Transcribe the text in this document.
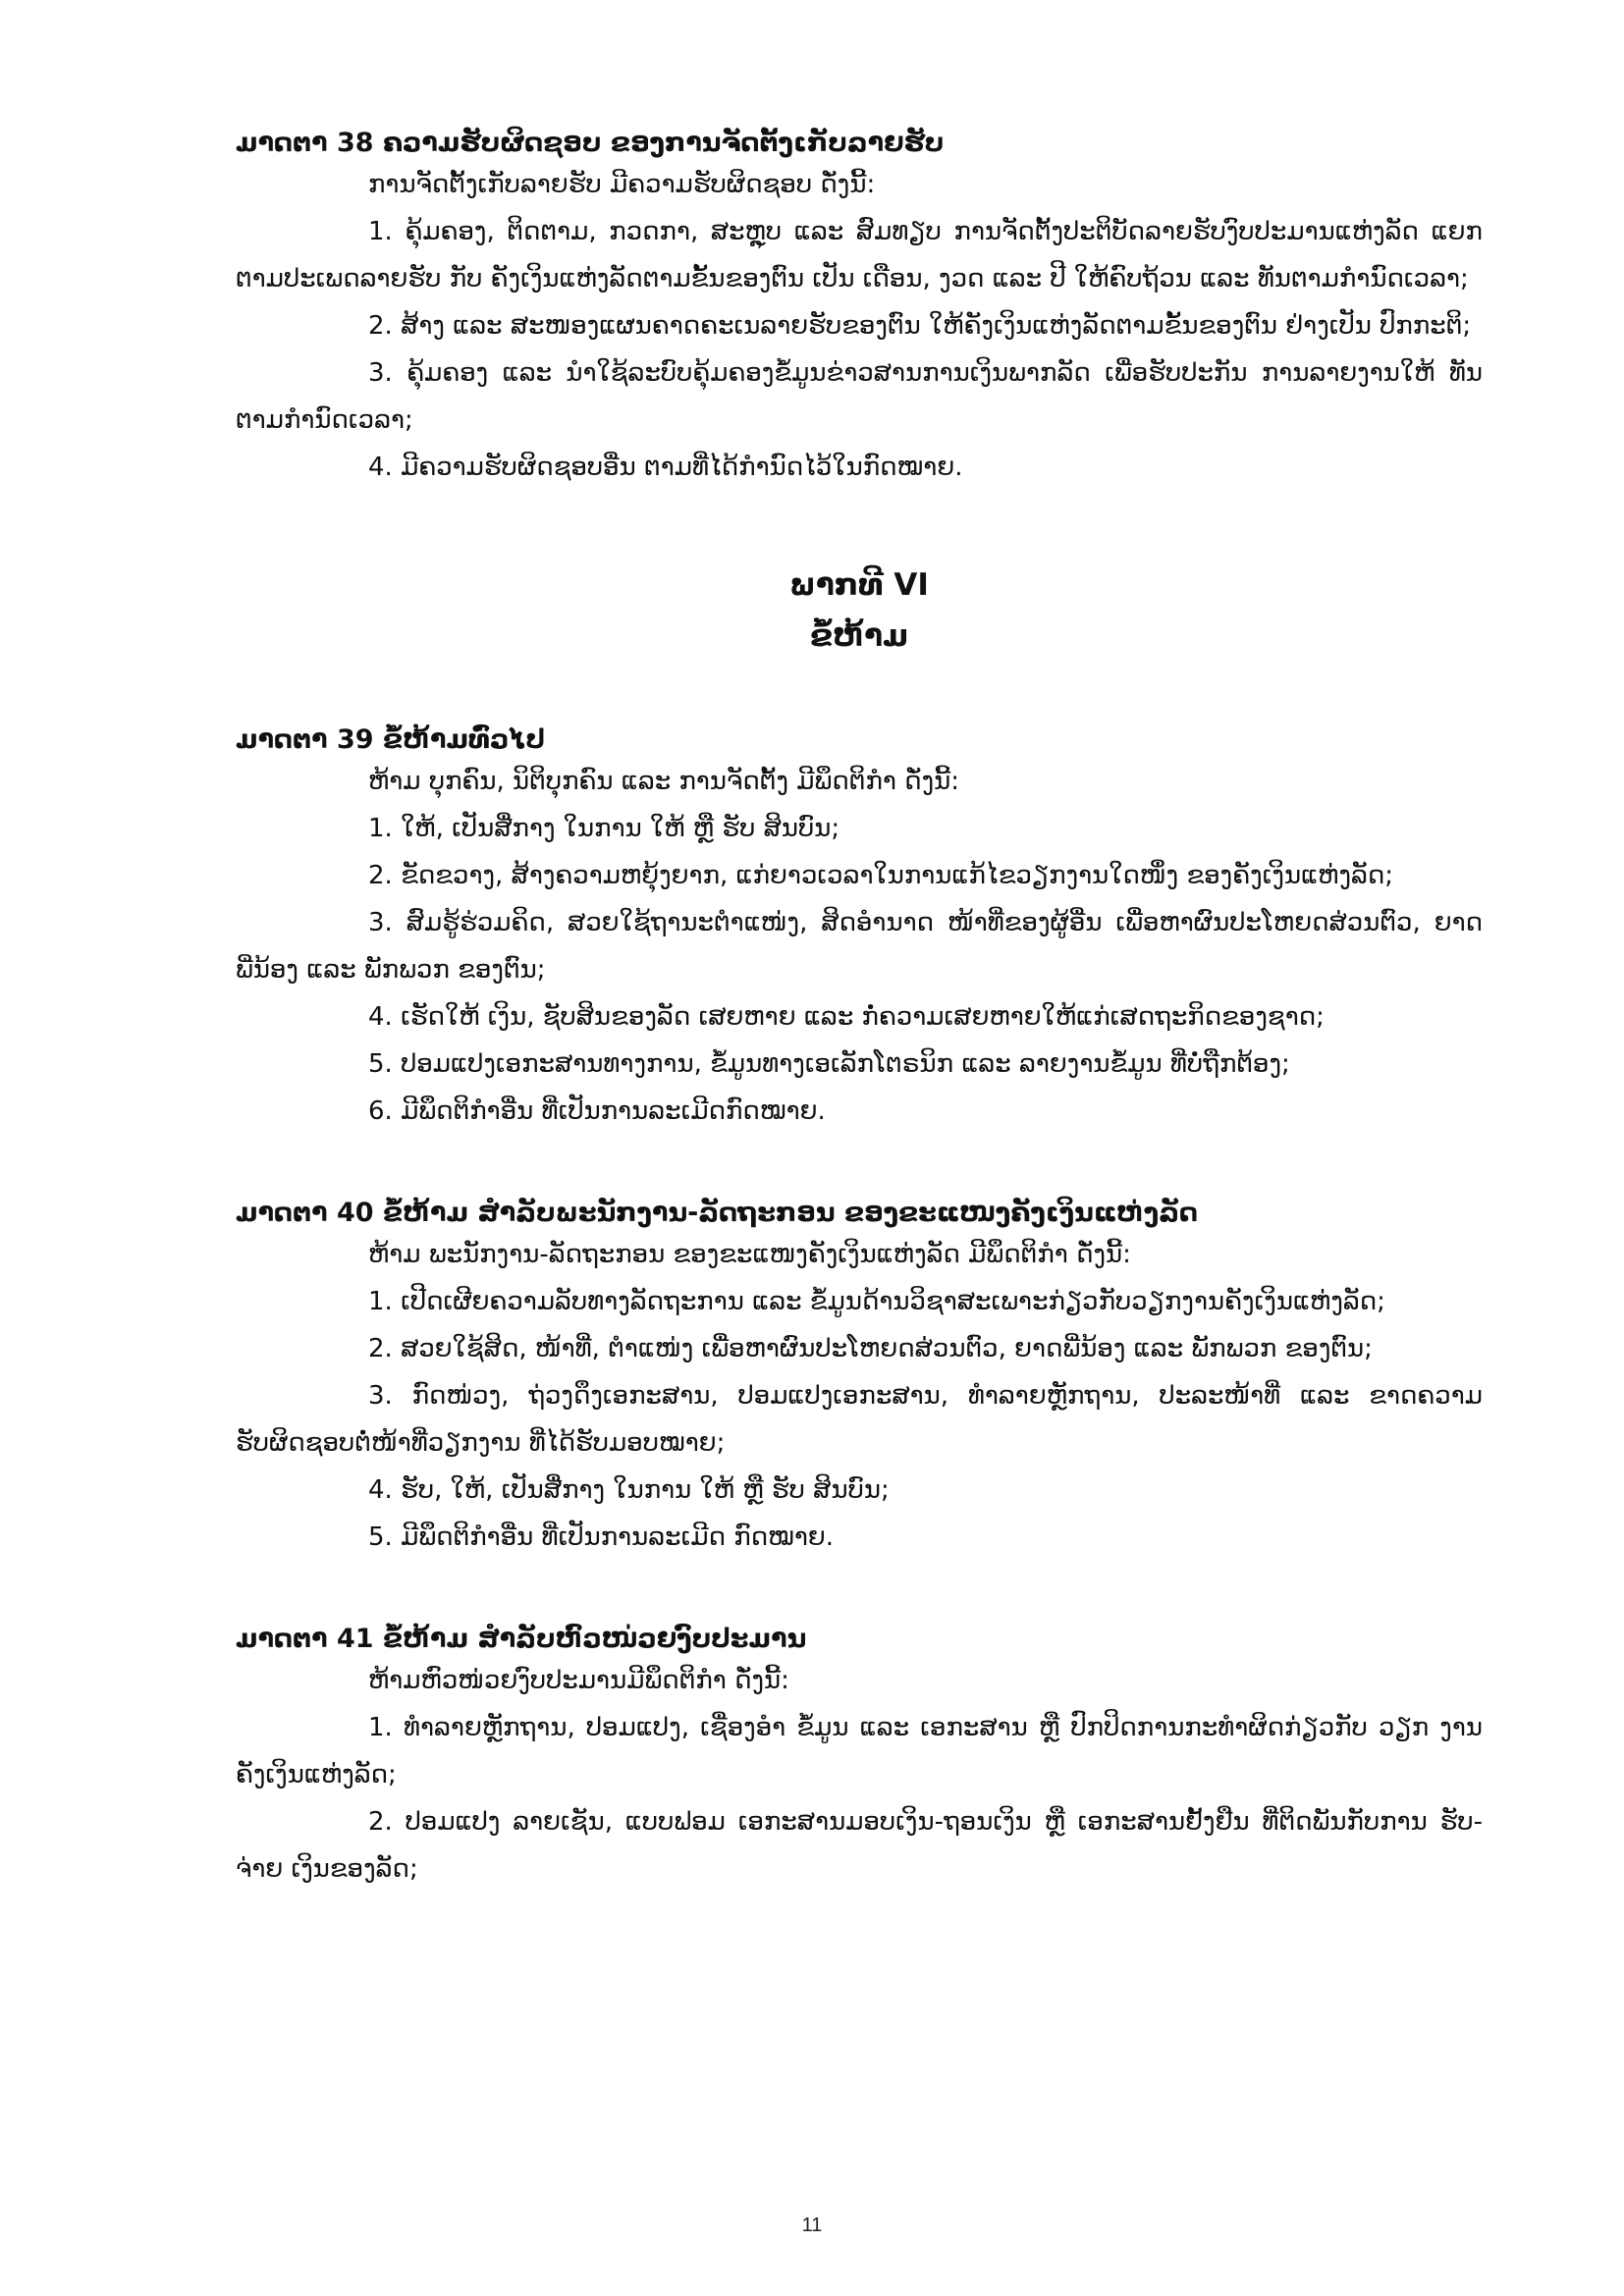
ມາດຕາ 38 ຄວາມຮັບຜິດຊອບ ຂອງການຈັດຕັ້ງເກັບລາຍຮັບ

ການຈັດຕັ້ງເກັບລາຍຮັບ ມີຄວາມຮັບຜິດຊອບ ດັ່ງນີ້:

1. ຄຸ້ມຄອງ, ຕິດຕາມ, ກວດກາ, ສະຫຼຸບ ແລະ ສົມທຽບ ການຈັດຕັ້ງປະຕິບັດລາຍຮັບງົບປະມານແຫ່ງລັດ ແຍກຕາມປະເພດລາຍຮັບ ກັບ ຄັງເງິນແຫ່ງລັດຕາມຂັ້ນຂອງຕົນ ເປັນ ເດືອນ, ງວດ ແລະ ປີ ໃຫ້ຄົບຖ້ວນ ແລະ ທັນຕາມກຳນົດເວລາ;

2. ສ້າງ ແລະ ສະໜອງແຜນຄາດຄະເນລາຍຮັບຂອງຕົນ ໃຫ້ຄັງເງິນແຫ່ງລັດຕາມຂັ້ນຂອງຕົນ ຢ່າງເປັນ ປົກກະຕິ;

3. ຄຸ້ມຄອງ ແລະ ນຳໃຊ້ລະບົບຄຸ້ມຄອງຂໍ້ມູນຂ່າວສານການເງິນພາກລັດ ເພື່ອຮັບປະກັນ ການລາຍງານໃຫ້ ທັນຕາມກຳນົດເວລາ;

4. ມີຄວາມຮັບຜິດຊອບອື່ນ ຕາມທີ່ໄດ້ກຳນົດໄວ້ໃນກົດໝາຍ.

ພາກທີ VI

ຂໍ້ຫ້າມ

ມາດຕາ 39 ຂໍ້ຫ້າມທົ່ວໄປ

ຫ້າມ ບຸກຄົນ, ນິຕິບຸກຄົນ ແລະ ການຈັດຕັ້ງ ມີພຶດຕິກຳ ດັ່ງນີ້:

1. ໃຫ້, ເປັນສື່ກາງ ໃນການ ໃຫ້ ຫຼື ຮັບ ສິນບົນ;

2. ຂັດຂວາງ, ສ້າງຄວາມຫຍຸ້ງຍາກ, ແກ່ຍາວເວລາໃນການແກ້ໄຂວຽກງານໃດໜຶ່ງ ຂອງຄັງເງິນແຫ່ງລັດ;

3. ສົມຮູ້ຮ່ວມຄິດ, ສວຍໃຊ້ຖານະຕຳແໜ່ງ, ສິດອຳນາດ ໜ້າທີ່ຂອງຜູ້ອື່ນ ເພື່ອຫາຜົນປະໂຫຍດສ່ວນຕົວ, ຍາດພີ່ນ້ອງ ແລະ ພັກພວກ ຂອງຕົນ;

4. ເຮັດໃຫ້ ເງິນ, ຊັບສິນຂອງລັດ ເສຍຫາຍ ແລະ ກໍ່ຄວາມເສຍຫາຍໃຫ້ແກ່ເສດຖະກິດຂອງຊາດ;

5. ປອມແປງເອກະສານທາງການ, ຂໍ້ມູນທາງເອເລັກໂຕຣນິກ ແລະ ລາຍງານຂໍ້ມູນ ທີ່ບໍ່ຖືກຕ້ອງ;

6. ມີພຶດຕິກຳອື່ນ ທີ່ເປັນການລະເມີດກົດໝາຍ.

ມາດຕາ 40 ຂໍ້ຫ້າມ ສຳລັບພະນັກງານ-ລັດຖະກອນ ຂອງຂະແໜງຄັງເງິນແຫ່ງລັດ

ຫ້າມ ພະນັກງານ-ລັດຖະກອນ ຂອງຂະແໜງຄັງເງິນແຫ່ງລັດ ມີພຶດຕິກຳ ດັ່ງນີ້:

1. ເປີດເຜີຍຄວາມລັບທາງລັດຖະການ ແລະ ຂໍ້ມູນດ້ານວິຊາສະເພາະກ່ຽວກັບວຽກງານຄັງເງິນແຫ່ງລັດ;

2. ສວຍໃຊ້ສິດ, ໜ້າທີ່, ຕຳແໜ່ງ ເພື່ອຫາຜົນປະໂຫຍດສ່ວນຕົວ, ຍາດພີ່ນ້ອງ ແລະ ພັກພວກ ຂອງຕົນ;

3. ກົດໜ່ວງ, ຖ່ວງດຶງເອກະສານ, ປອມແປງເອກະສານ, ທຳລາຍຫຼັກຖານ, ປະລະໜ້າທີ່ ແລະ ຂາດຄວາມ ຮັບຜິດຊອບຕໍ່ໜ້າທີ່ວຽກງານ ທີ່ໄດ້ຮັບມອບໝາຍ;

4. ຮັບ, ໃຫ້, ເປັນສື່ກາງ ໃນການ ໃຫ້ ຫຼື ຮັບ ສິນບົນ;

5. ມີພຶດຕິກຳອື່ນ ທີ່ເປັນການລະເມີດ ກົດໝາຍ.

ມາດຕາ 41 ຂໍ້ຫ້າມ ສຳລັບຫົວໜ່ວຍງົບປະມານ

ຫ້າມຫົວໜ່ວຍງົບປະມານມີພຶດຕິກຳ ດັ່ງນີ້:

1. ທຳລາຍຫຼັກຖານ, ປອມແປງ, ເຊື່ອງອຳ ຂໍ້ມູນ ແລະ ເອກະສານ ຫຼື ປົກປິດການກະທຳຜິດກ່ຽວກັບ ວຽກ ງານຄັງເງິນແຫ່ງລັດ;

2. ປອມແປງ ລາຍເຊັນ, ແບບຟອມ ເອກະສານມອບເງິນ-ຖອນເງິນ ຫຼື ເອກະສານຢັ້ງຢືນ ທີ່ຕິດພັນກັບການ ຮັບ-ຈ່າຍ ເງິນຂອງລັດ;

11
